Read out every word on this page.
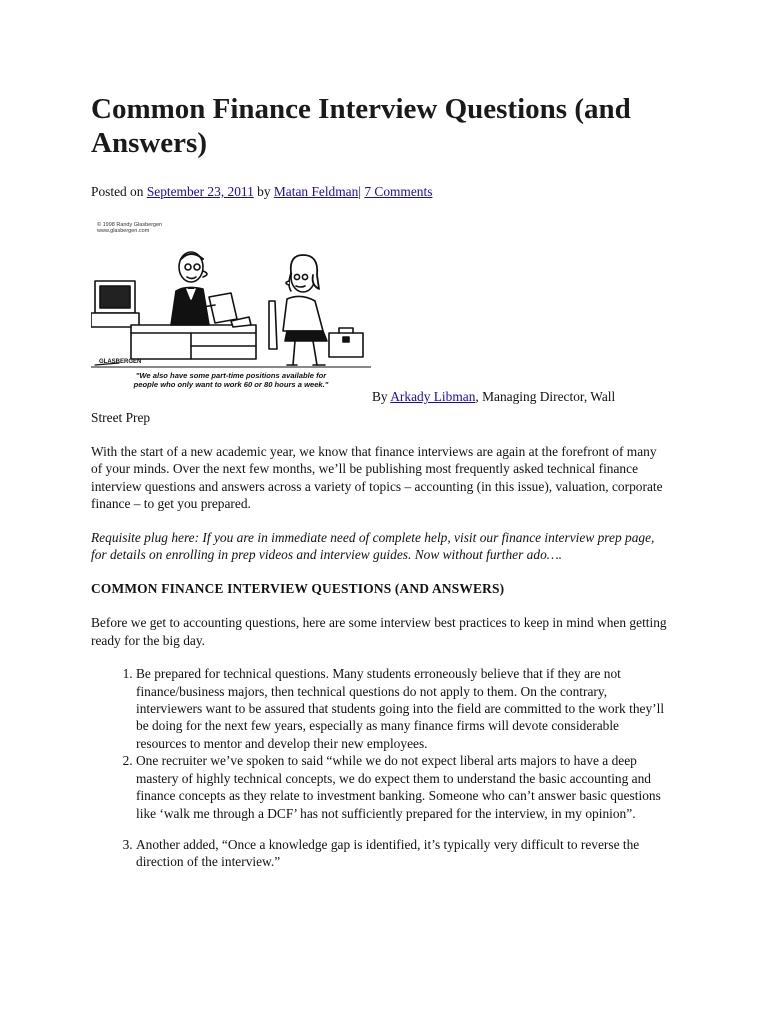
Common Finance Interview Questions (and Answers)
Posted on September 23, 2011 by Matan Feldman| 7 Comments
© 1998 Randy Glasbergen
www.glasbergen.com
GLASBERGEN
"We also have some part-time positions available for
people who only want to work 60 or 80 hours a week."
By Arkady Libman, Managing Director, Wall
Street Prep

With the start of a new academic year, we know that finance interviews are again at the forefront of many of your minds. Over the next few months, we’ll be publishing most frequently asked technical finance interview questions and answers across a variety of topics – accounting (in this issue), valuation, corporate finance – to get you prepared.

Requisite plug here: If you are in immediate need of complete help, visit our finance interview prep page, for details on enrolling in prep videos and interview guides. Now without further ado….

COMMON FINANCE INTERVIEW QUESTIONS (AND ANSWERS)

Before we get to accounting questions, here are some interview best practices to keep in mind when getting ready for the big day.

1. Be prepared for technical questions. Many students erroneously believe that if they are not finance/business majors, then technical questions do not apply to them. On the contrary, interviewers want to be assured that students going into the field are committed to the work they’ll be doing for the next few years, especially as many finance firms will devote considerable resources to mentor and develop their new employees.
2. One recruiter we’ve spoken to said “while we do not expect liberal arts majors to have a deep mastery of highly technical concepts, we do expect them to understand the basic accounting and finance concepts as they relate to investment banking. Someone who can’t answer basic questions like ‘walk me through a DCF’ has not sufficiently prepared for the interview, in my opinion”.
3. Another added, “Once a knowledge gap is identified, it’s typically very difficult to reverse the direction of the interview.”
